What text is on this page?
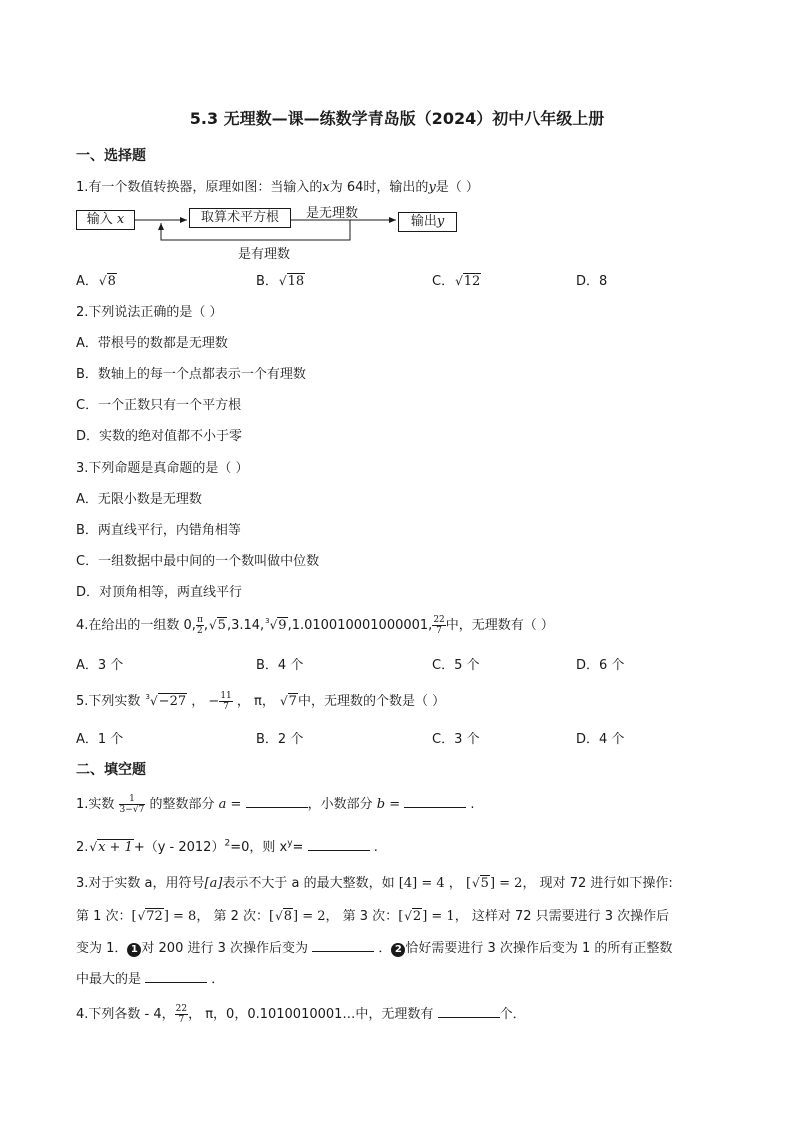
5.3 无理数—课—练数学青岛版（2024）初中八年级上册
一、选择题
1.有一个数值转换器，原理如图：当输入的x为 64时，输出的y是（ ）
输入 x	取算术平方根	输出y
是无理数
是有理数
A．√8	B．√18	C．√12	D．8
2.下列说法正确的是（ ）
A．带根号的数都是无理数
B．数轴上的每一个点都表示一个有理数
C．一个正数只有一个平方根
D．实数的绝对值都不小于零
3.下列命题是真命题的是（ ）
A．无限小数是无理数
B．两直线平行，内错角相等
C．一组数据中最中间的一个数叫做中位数
D．对顶角相等，两直线平行
4.在给出的一组数 0, $\frac{\pi}{2} ,√5,3.14,^3√9,1.010010001000001$, $\frac{22}{7}$ 中，无理数有（ ）
A．3 个	B．4 个	C．5 个	D．6 个
5.下列实数 $^3$√−27 ， − $\frac{11}{7}$ ， π， √7中，无理数的个数是（ ）
A．1 个	B．2 个	C．3 个	D．4 个
二、填空题
1.实数 $\frac{1}{3-√7}$ 的整数部分 a =	，小数部分 b =	.
2.√x + 1+（y - 2012）$^2$=0，则 $x^y=$	.
3.对于实数 a，用符号[a]表示不大于 a 的最大整数，如 [4] = 4 ， [√5] = 2， 现对 72 进行如下操作:
第 1 次：[√72] = 8， 第 2 次：[√8] = 2， 第 3 次：[√2] = 1， 这样对 72 只需要进行 3 次操作后
变为 1． 1 对 200 进行 3 次操作后变为	． 2 恰好需要进行 3 次操作后变为 1 的所有正整数
中最大的是	．
4.下列各数 - 4， $\frac{22}{7}$ ， π，0，0.1010010001…中，无理数有	个．
